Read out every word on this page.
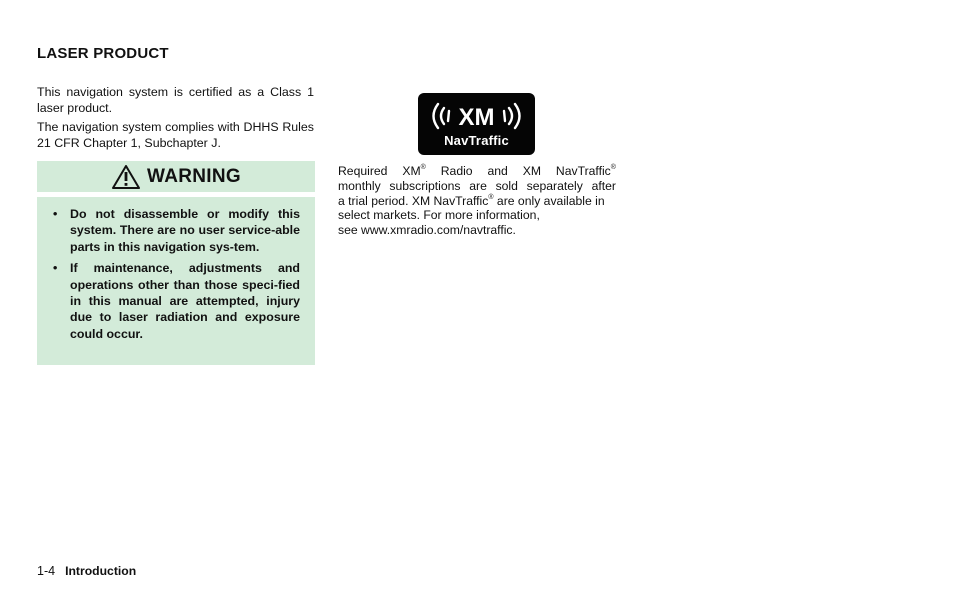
LASER PRODUCT
This navigation system is certified as a Class 1 laser product.
The navigation system complies with DHHS Rules 21 CFR Chapter 1, Subchapter J.
WARNING
• Do not disassemble or modify this system. There are no user service-able parts in this navigation sys-tem.
• If maintenance, adjustments and operations other than those speci-fied in this manual are attempted, injury due to laser radiation and exposure could occur.
XM
NavTraffic
Required XM® Radio and XM NavTraffic®
monthly subscriptions are sold separately after
a trial period. XM NavTraffic® are only available in
select markets. For more information,
see www.xmradio.com/navtraffic.
1-4 Introduction
